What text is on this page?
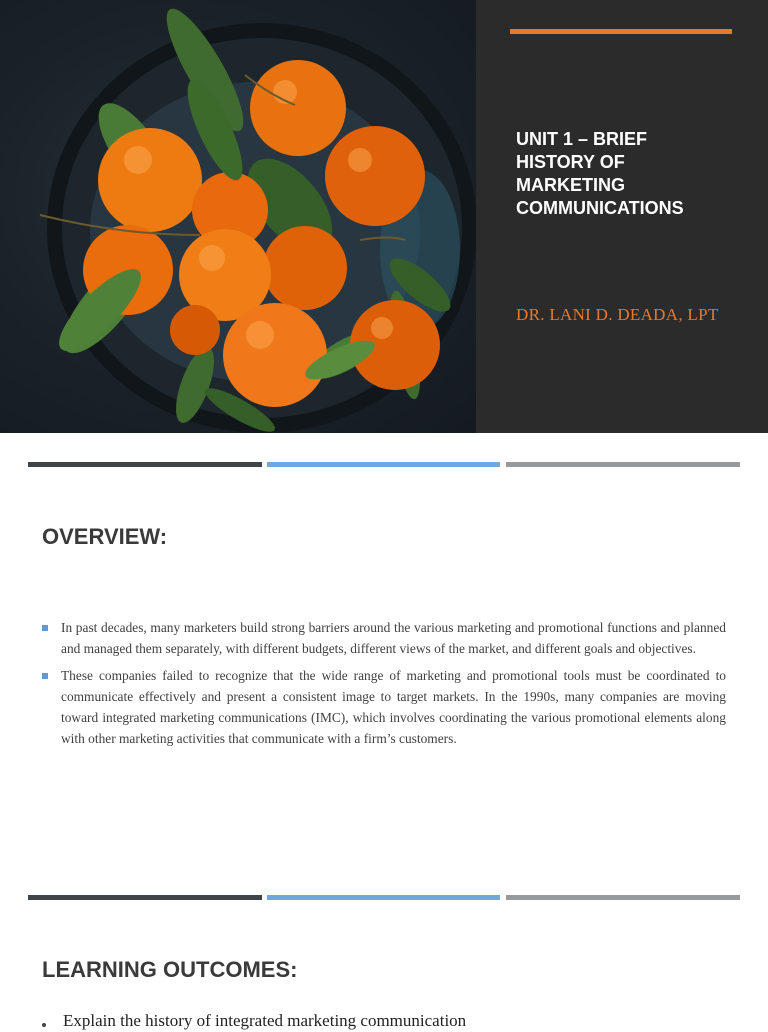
UNIT 1 – BRIEF
HISTORY OF
MARKETING
COMMUNICATIONS
DR. LANI D. DEADA, LPT
OVERVIEW:
In past decades, many marketers build strong barriers around the various marketing and promotional functions and planned and managed them separately, with different budgets, different views of the market, and different goals and objectives.
These companies failed to recognize that the wide range of marketing and promotional tools must be coordinated to communicate effectively and present a consistent image to target markets. In the 1990s, many companies are moving toward integrated marketing communications (IMC), which involves coordinating the various promotional elements along with other marketing activities that communicate with a firm’s customers.
LEARNING OUTCOMES:
Explain the history of integrated marketing communication
